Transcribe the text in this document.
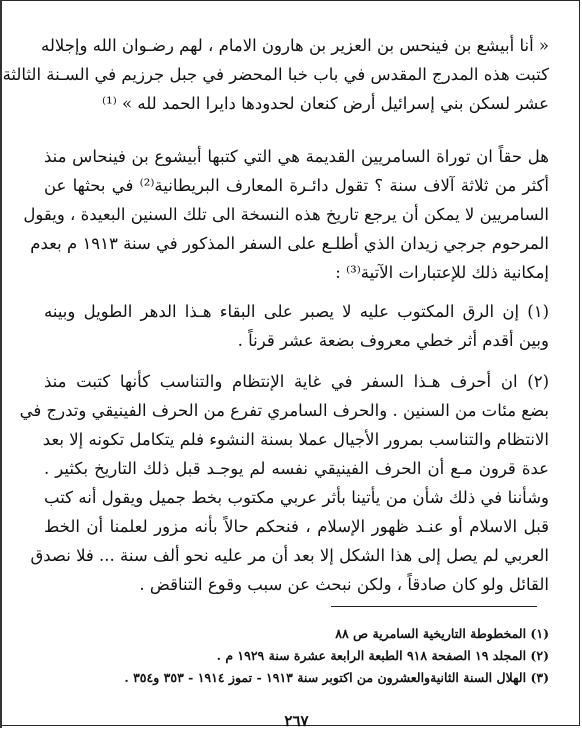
« أنا أبيشع بن فينحس بن العزير بن هارون الامام ، لهم رضـوان الله وإجلاله
كتبت هذه المدرج المقدس في باب خبا المحضر في جبل جرزيم في السـنة الثالثة
عشر لسكن بني إسرائيل أرض كنعان لحدودها دايرا الحمد لله » ⁽¹⁾
هل حقاً ان توراة السامريين القديمة هي التي كتبها أبيشوع بن فينحاس منذ
أكثر من ثلاثة آلاف سنة ؟ تقول دائـرة المعارف البريطانية⁽²⁾ في بحثها عن
السامريين لا يمكن أن يرجع تاريخ هذه النسخة الى تلك السنين البعيدة ، ويقول
المرحوم جرجي زيدان الذي أطلـع على السفر المذكور في سنة ١٩١٣ م بعدم
إمكانية ذلك للإعتبارات الآتية⁽³⁾ :
(١) إن الرق المكتوب عليه لا يصبر على البقاء هـذا الدهر الطويل وبينه
وبين أقدم أثر خطي معروف بضعة عشر قرناً .
(٢) ان أحرف هـذا السفر في غاية الإنتظام والتناسب كأنها كتبت منذ
بضع مئات من السنين . والحرف السامري تفرع من الحرف الفينيقي وتدرج في
الانتظام والتناسب بمرور الأجيال عملا بسنة النشوء فلم يتكامل تكونه إلا بعد
عدة قرون مـع أن الحرف الفينيقي نفسه لم يوجـد قبل ذلك التاريخ بكثير .
وشأننا في ذلك شأن من يأتينا بأثر عربي مكتوب بخط جميل ويقول أنه كتب
قبل الاسلام أو عنـد ظهور الإسلام ، فنحكم حالاً بأنه مزور لعلمنا أن الخط
العربي لم يصل إلى هذا الشكل إلا بعد أن مر عليه نحو ألف سنة ... فلا نصدق
القائل ولو كان صادقاً ، ولكن نبحث عن سبب وقوع التناقض .
(١) المخطوطة التاريخية السامرية ص ٨٨
(٢) المجلد ١٩ الصفحة ٩١٨ الطبعة الرابعة عشرة سنة ١٩٢٩ م .
(٣) الهلال السنة الثانيةوالعشرون من اكتوبر سنة ١٩١٣ - تموز ١٩١٤ - ٣٥٣ و٣٥٤ .
٢٦٧
